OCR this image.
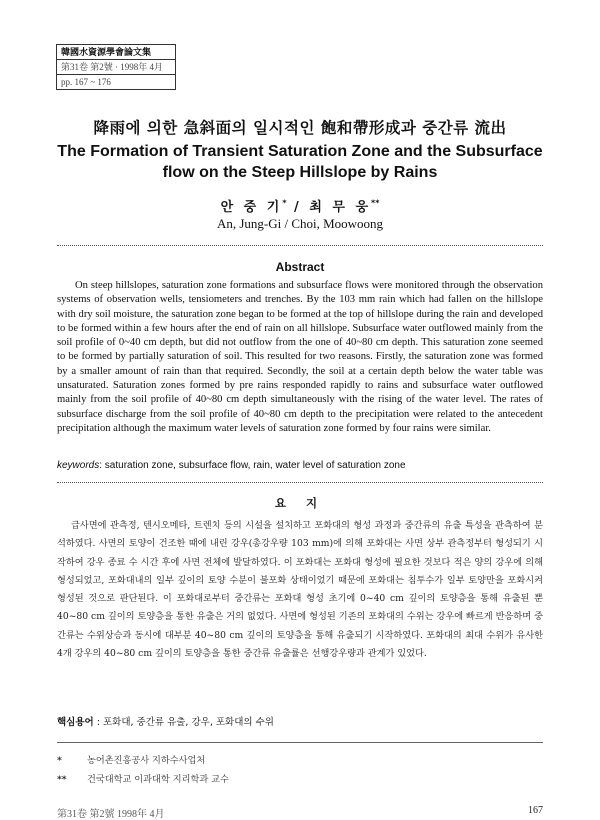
韓國水資源學會論文集
第31卷 第2號 · 1998年 4月
pp. 167 ~ 176
降雨에 의한 急斜面의 일시적인 飽和帶形成과 중간류 流出
The Formation of Transient Saturation Zone and the Subsurface flow on the Steep Hillslope by Rains
안 중 기* / 최 무 웅**
An, Jung-Gi / Choi, Moowoong
Abstract

On steep hillslopes, saturation zone formations and subsurface flows were monitored through the observation systems of observation wells, tensiometers and trenches. By the 103 mm rain which had fallen on the hillslope with dry soil moisture, the saturation zone began to be formed at the top of hillslope during the rain and developed to be formed within a few hours after the end of rain on all hillslope. Subsurface water outflowed mainly from the soil profile of 0~40 cm depth, but did not outflow from the one of 40~80 cm depth. This saturation zone seemed to be formed by partially saturation of soil. This resulted for two reasons. Firstly, the saturation zone was formed by a smaller amount of rain than that required. Secondly, the soil at a certain depth below the water table was unsaturated. Saturation zones formed by pre rains responded rapidly to rains and subsurface water outflowed mainly from the soil profile of 40~80 cm depth simultaneously with the rising of the water level. The rates of subsurface discharge from the soil profile of 40~80 cm depth to the precipitation were related to the antecedent precipitation although the maximum water levels of saturation zone formed by four rains were similar.

keywords: saturation zone, subsurface flow, rain, water level of saturation zone
요 지

급사면에 관측정, 텐시오메타, 트렌치 등의 시설을 설치하고 포화대의 형성 과정과 중간류의 유출 특성을 관측하여 분석하였다. 사면의 토양이 건조한 때에 내린 강우(총강우량 103 mm)에 의해 포화대는 사면 상부 관측정부터 형성되기 시작하여 강우 종료 수 시간 후에 사면 전체에 발달하였다. 이 포화대는 포화대 형성에 필요한 것보다 적은 양의 강우에 의해 형성되었고, 포화대내의 일부 깊이의 토양 수분이 불포화 상태이었기 때문에 포화대는 침투수가 일부 토양만을 포화시켜 형성된 것으로 판단된다. 이 포화대로부터 중간류는 포화대 형성 초기에 0~40 cm 깊이의 토양층을 통해 유출된 뿐 40~80 cm 깊이의 토양층을 통한 유출은 거의 없었다. 사면에 형성된 기존의 포화대의 수위는 강우에 빠르게 반응하며 중간류는 수위상승과 동시에 대부분 40~80 cm 깊이의 토양층을 통해 유출되기 시작하였다. 포화대의 최대 수위가 유사한 4개 강우의 40~80 cm 깊이의 토양층을 통한 중간류 유출률은 선행강우량과 관계가 있었다.

핵심용어 : 포화대, 중간류 유출, 강우, 포화대의 수위
*	농어촌진흥공사 지하수사업처
** 건국대학교 이과대학 지리학과 교수
第31卷 第2號 1998年 4月	167
